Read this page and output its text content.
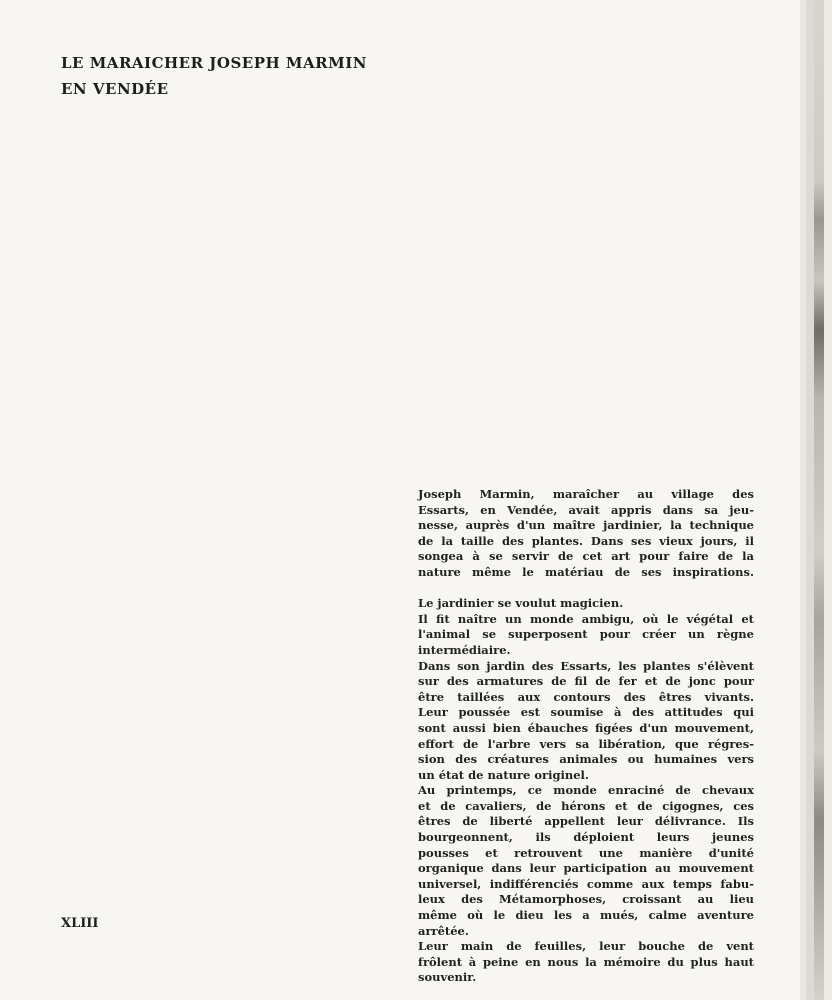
LE MARAICHER JOSEPH MARMIN
EN VENDÉE
XLIII
Joseph Marmin, maraîcher au village des
Essarts, en Vendée, avait appris dans sa jeu-
nesse, auprès d'un maître jardinier, la technique
de la taille des plantes. Dans ses vieux jours, il
songea à se servir de cet art pour faire de la
nature même le matériau de ses inspirations.
Le jardinier se voulut magicien.
Il fit naître un monde ambigu, où le végétal et
l'animal se superposent pour créer un règne
intermédiaire.
Dans son jardin des Essarts, les plantes s'élèvent
sur des armatures de fil de fer et de jonc pour
être taillées aux contours des êtres vivants.
Leur poussée est soumise à des attitudes qui
sont aussi bien ébauches figées d'un mouvement,
effort de l'arbre vers sa libération, que régres-
sion des créatures animales ou humaines vers
un état de nature originel.
Au printemps, ce monde enraciné de chevaux
et de cavaliers, de hérons et de cigognes, ces
êtres de liberté appellent leur délivrance. Ils
bourgeonnent, ils déploient leurs jeunes
pousses et retrouvent une manière d'unité
organique dans leur participation au mouvement
universel, indifférenciés comme aux temps fabu-
leux des Métamorphoses, croissant au lieu
même où le dieu les a mués, calme aventure
arrêtée.
Leur main de feuilles, leur bouche de vent
frôlent à peine en nous la mémoire du plus haut
souvenir.
